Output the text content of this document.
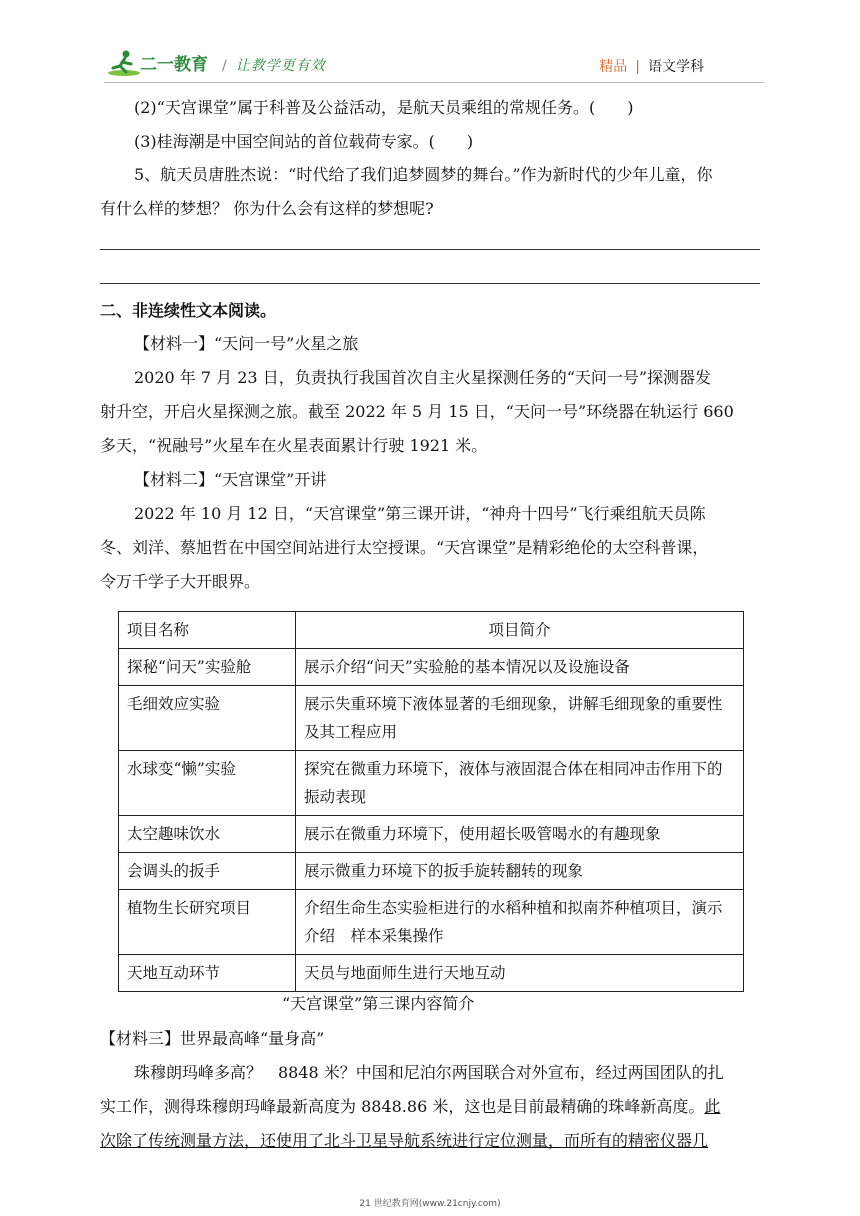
二一教育 / 让教学更有效	精品 | 语文学科
(2)“天宫课堂”属于科普及公益活动，是航天员乘组的常规任务。(　　)
(3)桂海潮是中国空间站的首位载荷专家。(　　)
5、航天员唐胜杰说：“时代给了我们追梦圆梦的舞台。”作为新时代的少年儿童，你
有什么样的梦想？ 你为什么会有这样的梦想呢?
二、非连续性文本阅读。
【材料一】“天问一号”火星之旅
2020 年 7 月 23 日，负责执行我国首次自主火星探测任务的“天问一号”探测器发
射升空，开启火星探测之旅。截至 2022 年 5 月 15 日，“天问一号”环绕器在轨运行 660
多天，“祝融号”火星车在火星表面累计行驶 1921 米。
【材料二】“天宫课堂”开讲
2022 年 10 月 12 日，“天宫课堂”第三课开讲，“神舟十四号”飞行乘组航天员陈
冬、刘洋、蔡旭哲在中国空间站进行太空授课。“天宫课堂”是精彩绝伦的太空科普课，
令万千学子大开眼界。
项目名称	项目简介
探秘“问天”实验舱	展示介绍“问天”实验舱的基本情况以及设施设备
毛细效应实验	展示失重环境下液体显著的毛细现象，讲解毛细现象的重要性及其工程应用
水球变“懒”实验	探究在微重力环境下，液体与液固混合体在相同冲击作用下的振动表现
太空趣味饮水	展示在微重力环境下，使用超长吸管喝水的有趣现象
会调头的扳手	展示微重力环境下的扳手旋转翻转的现象
植物生长研究项目	介绍生命生态实验柜进行的水稻种植和拟南芥种植项目，演示介绍　样本采集操作
天地互动环节	天员与地面师生进行天地互动
“天宫课堂”第三课内容简介
【材料三】世界最高峰“量身高”
珠穆朗玛峰多高？　8848 米？中国和尼泊尔两国联合对外宣布，经过两国团队的扎
实工作，测得珠穆朗玛峰最新高度为 8848.86 米，这也是目前最精确的珠峰新高度。此
次除了传统测量方法，还使用了北斗卫星导航系统进行定位测量，而所有的精密仪器几
21 世纪教育网(www.21cnjy.com)
